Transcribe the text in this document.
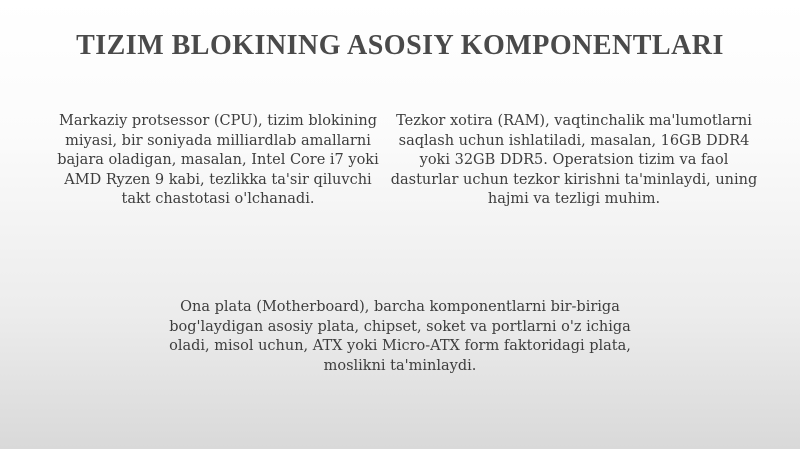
TIZIM BLOKINING ASOSIY KOMPONENTLARI

Markaziy protsessor (CPU), tizim blokining miyasi, bir soniyada milliardlab amallarni bajara oladigan, masalan, Intel Core i7 yoki AMD Ryzen 9 kabi, tezlikka ta'sir qiluvchi takt chastotasi o'lchanadi.

Tezkor xotira (RAM), vaqtinchalik ma'lumotlarni saqlash uchun ishlatiladi, masalan, 16GB DDR4 yoki 32GB DDR5. Operatsion tizim va faol dasturlar uchun tezkor kirishni ta'minlaydi, uning hajmi va tezligi muhim.

Ona plata (Motherboard), barcha komponentlarni bir-biriga bog'laydigan asosiy plata, chipset, soket va portlarni o'z ichiga oladi, misol uchun, ATX yoki Micro-ATX form faktoridagi plata, moslikni ta'minlaydi.
